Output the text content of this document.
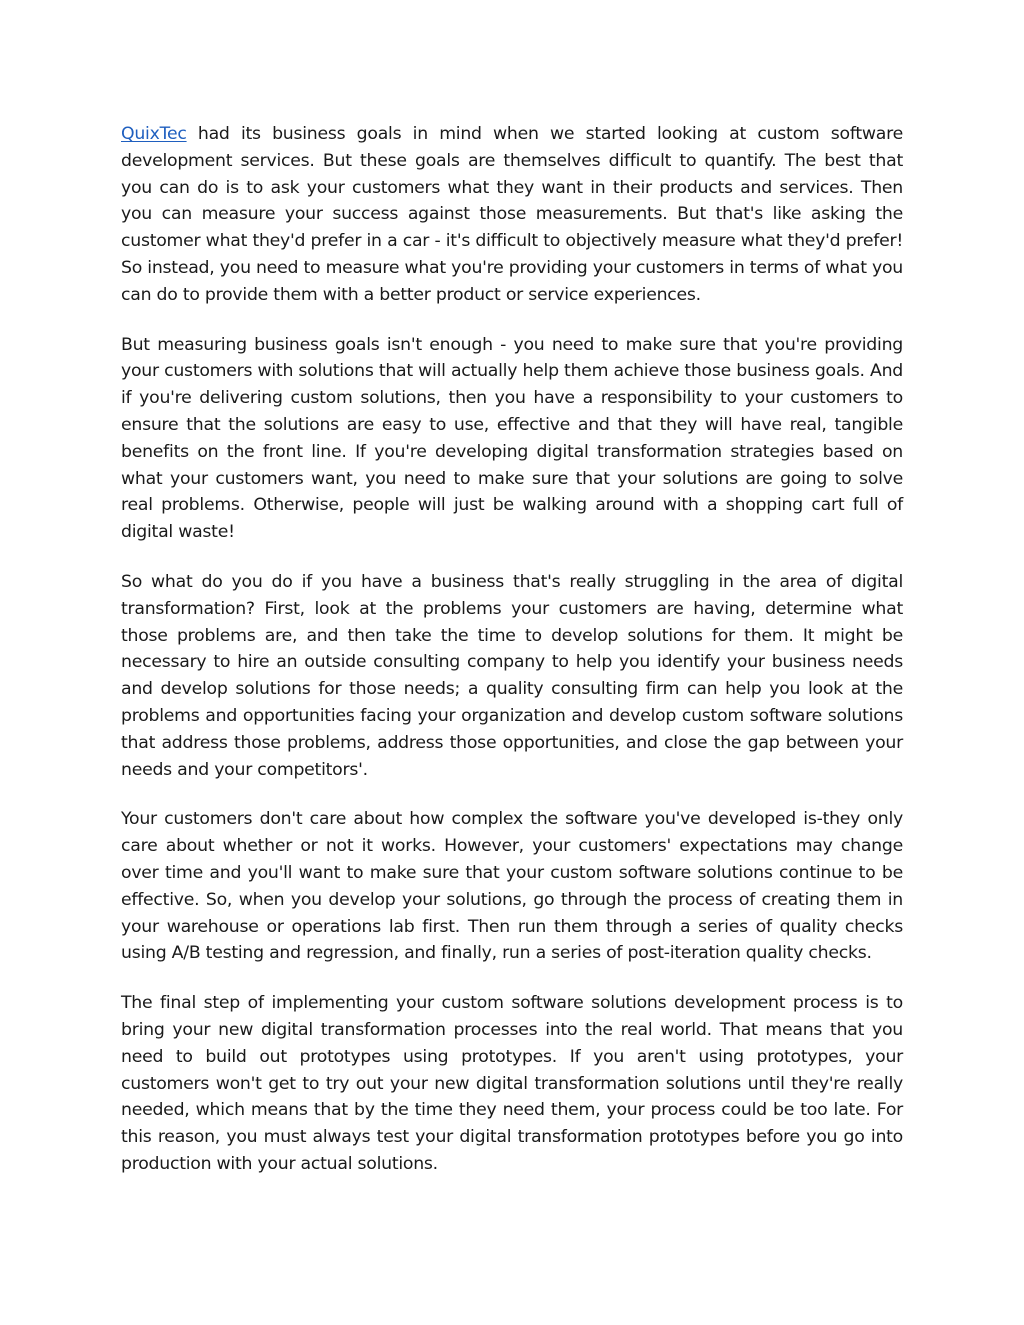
QuixTec had its business goals in mind when we started looking at custom software development services. But these goals are themselves difficult to quantify. The best that you can do is to ask your customers what they want in their products and services. Then you can measure your success against those measurements. But that's like asking the customer what they'd prefer in a car - it's difficult to objectively measure what they'd prefer! So instead, you need to measure what you're providing your customers in terms of what you can do to provide them with a better product or service experiences.

But measuring business goals isn't enough - you need to make sure that you're providing your customers with solutions that will actually help them achieve those business goals. And if you're delivering custom solutions, then you have a responsibility to your customers to ensure that the solutions are easy to use, effective and that they will have real, tangible benefits on the front line. If you're developing digital transformation strategies based on what your customers want, you need to make sure that your solutions are going to solve real problems. Otherwise, people will just be walking around with a shopping cart full of digital waste!

So what do you do if you have a business that's really struggling in the area of digital transformation? First, look at the problems your customers are having, determine what those problems are, and then take the time to develop solutions for them. It might be necessary to hire an outside consulting company to help you identify your business needs and develop solutions for those needs; a quality consulting firm can help you look at the problems and opportunities facing your organization and develop custom software solutions that address those problems, address those opportunities, and close the gap between your needs and your competitors'.

Your customers don't care about how complex the software you've developed is-they only care about whether or not it works. However, your customers' expectations may change over time and you'll want to make sure that your custom software solutions continue to be effective. So, when you develop your solutions, go through the process of creating them in your warehouse or operations lab first. Then run them through a series of quality checks using A/B testing and regression, and finally, run a series of post-iteration quality checks.

The final step of implementing your custom software solutions development process is to bring your new digital transformation processes into the real world. That means that you need to build out prototypes using prototypes. If you aren't using prototypes, your customers won't get to try out your new digital transformation solutions until they're really needed, which means that by the time they need them, your process could be too late. For this reason, you must always test your digital transformation prototypes before you go into production with your actual solutions.
